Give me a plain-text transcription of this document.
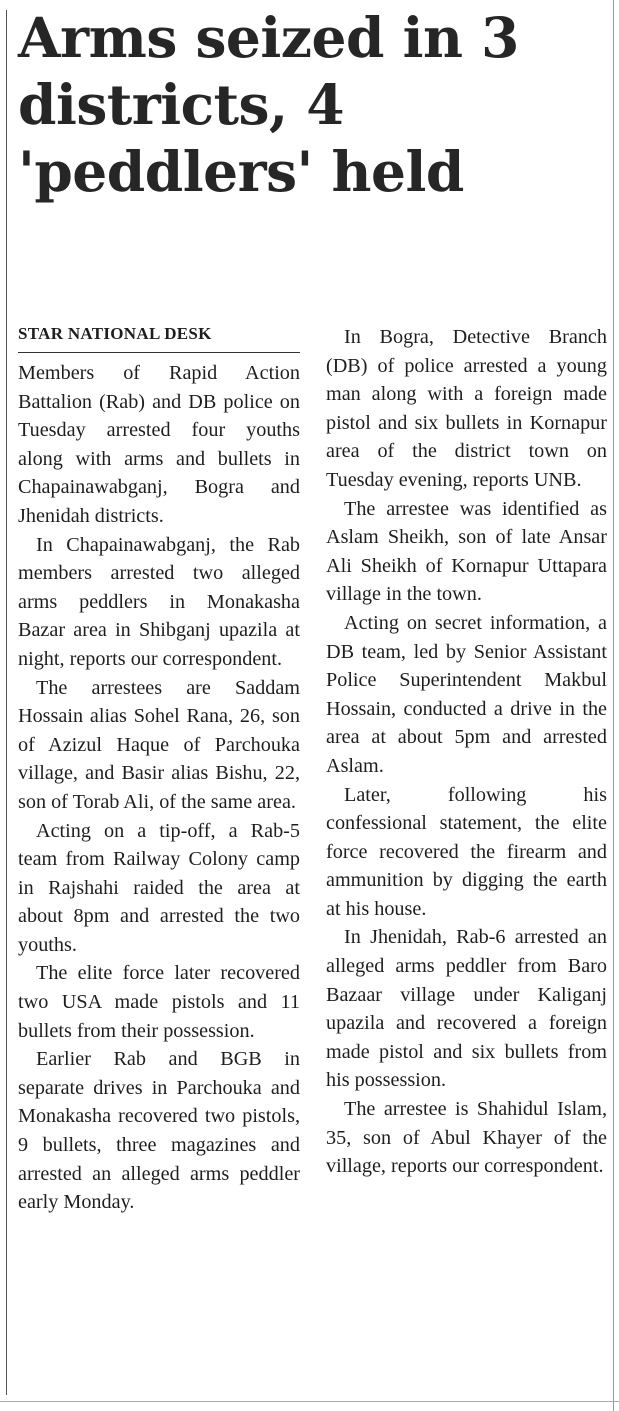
Arms seized in 3 districts, 4 'peddlers' held
STAR NATIONAL DESK

Members of Rapid Action Battalion (Rab) and DB police on Tuesday arrested four youths along with arms and bullets in Chapainawabganj, Bogra and Jhenidah districts.

In Chapainawabganj, the Rab members arrested two alleged arms peddlers in Monakasha Bazar area in Shibganj upazila at night, reports our correspondent.

The arrestees are Saddam Hossain alias Sohel Rana, 26, son of Azizul Haque of Parchouka village, and Basir alias Bishu, 22, son of Torab Ali, of the same area.

Acting on a tip-off, a Rab-5 team from Railway Colony camp in Rajshahi raided the area at about 8pm and arrested the two youths.

The elite force later recovered two USA made pistols and 11 bullets from their possession.

Earlier Rab and BGB in separate drives in Parchouka and Monakasha recovered two pistols, 9 bullets, three magazines and arrested an alleged arms peddler early Monday.

In Bogra, Detective Branch (DB) of police arrested a young man along with a foreign made pistol and six bullets in Kornapur area of the district town on Tuesday evening, reports UNB.

The arrestee was identified as Aslam Sheikh, son of late Ansar Ali Sheikh of Kornapur Uttapara village in the town.

Acting on secret information, a DB team, led by Senior Assistant Police Superintendent Makbul Hossain, conducted a drive in the area at about 5pm and arrested Aslam.

Later, following his confessional statement, the elite force recovered the firearm and ammunition by digging the earth at his house.

In Jhenidah, Rab-6 arrested an alleged arms peddler from Baro Bazaar village under Kaliganj upazila and recovered a foreign made pistol and six bullets from his possession.

The arrestee is Shahidul Islam, 35, son of Abul Khayer of the village, reports our correspondent.
